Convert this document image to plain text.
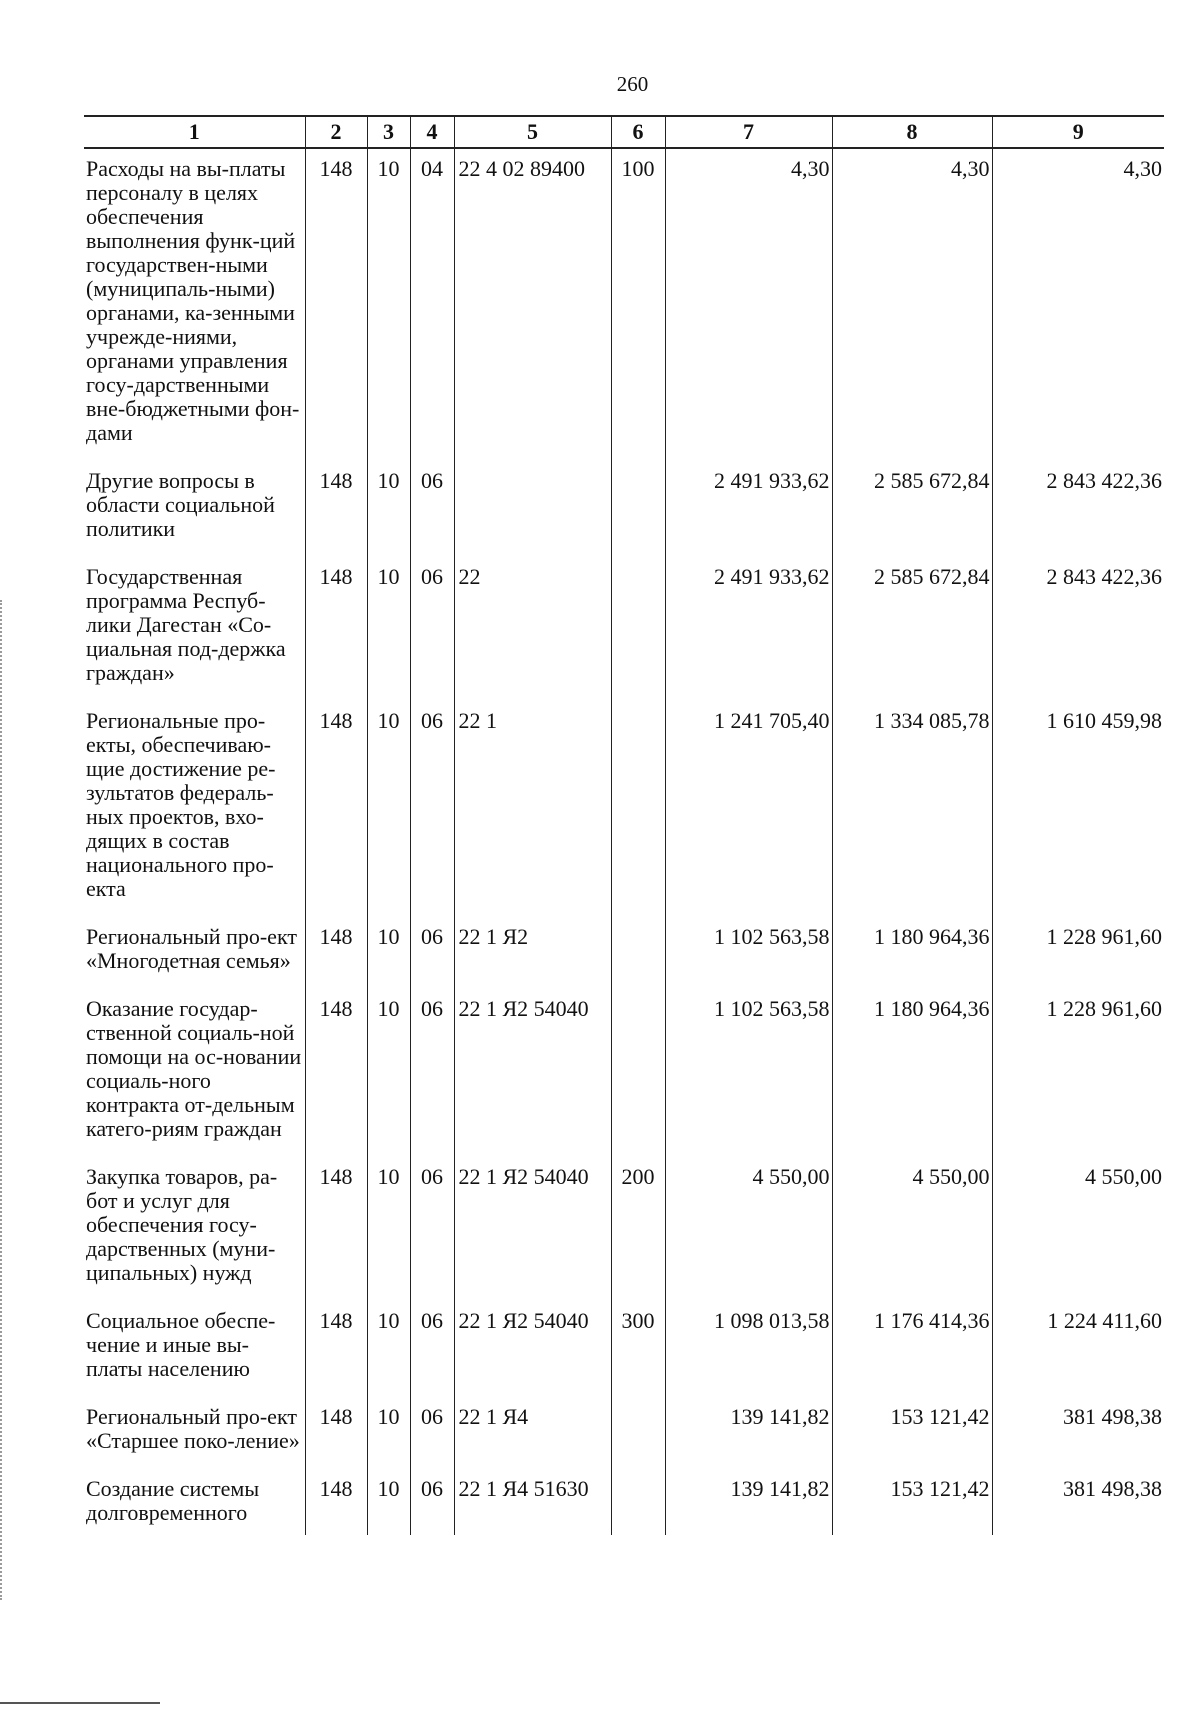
260
1	2	3	4	5	6	7	8	9
Расходы на вы-платы персоналу в целях обеспечения выполнения функ-ций государствен-ными (муниципаль-ными) органами, ка-зенными учрежде-ниями, органами управления госу-дарственными вне-бюджетными фон-дами	148	10	04	22 4 02 89400	100	4,30	4,30	4,30
Другие вопросы в области социальной политики	148	10	06			2 491 933,62	2 585 672,84	2 843 422,36
Государственная программа Респуб-лики Дагестан «Со-циальная под-держка граждан»	148	10	06	22		2 491 933,62	2 585 672,84	2 843 422,36
Региональные про-екты, обеспечиваю-щие достижение ре-зультатов федераль-ных проектов, вхо-дящих в состав национального про-екта	148	10	06	22 1		1 241 705,40	1 334 085,78	1 610 459,98
Региональный про-ект «Многодетная семья»	148	10	06	22 1 Я2		1 102 563,58	1 180 964,36	1 228 961,60
Оказание государ-ственной социаль-ной помощи на ос-новании социаль-ного контракта от-дельным катего-риям граждан	148	10	06	22 1 Я2 54040		1 102 563,58	1 180 964,36	1 228 961,60
Закупка товаров, ра-бот и услуг для обеспечения госу-дарственных (муни-ципальных) нужд	148	10	06	22 1 Я2 54040	200	4 550,00	4 550,00	4 550,00
Социальное обеспе-чение и иные вы-платы населению	148	10	06	22 1 Я2 54040	300	1 098 013,58	1 176 414,36	1 224 411,60
Региональный про-ект «Старшее поко-ление»	148	10	06	22 1 Я4		139 141,82	153 121,42	381 498,38
Создание системы долговременного	148	10	06	22 1 Я4 51630		139 141,82	153 121,42	381 498,38
